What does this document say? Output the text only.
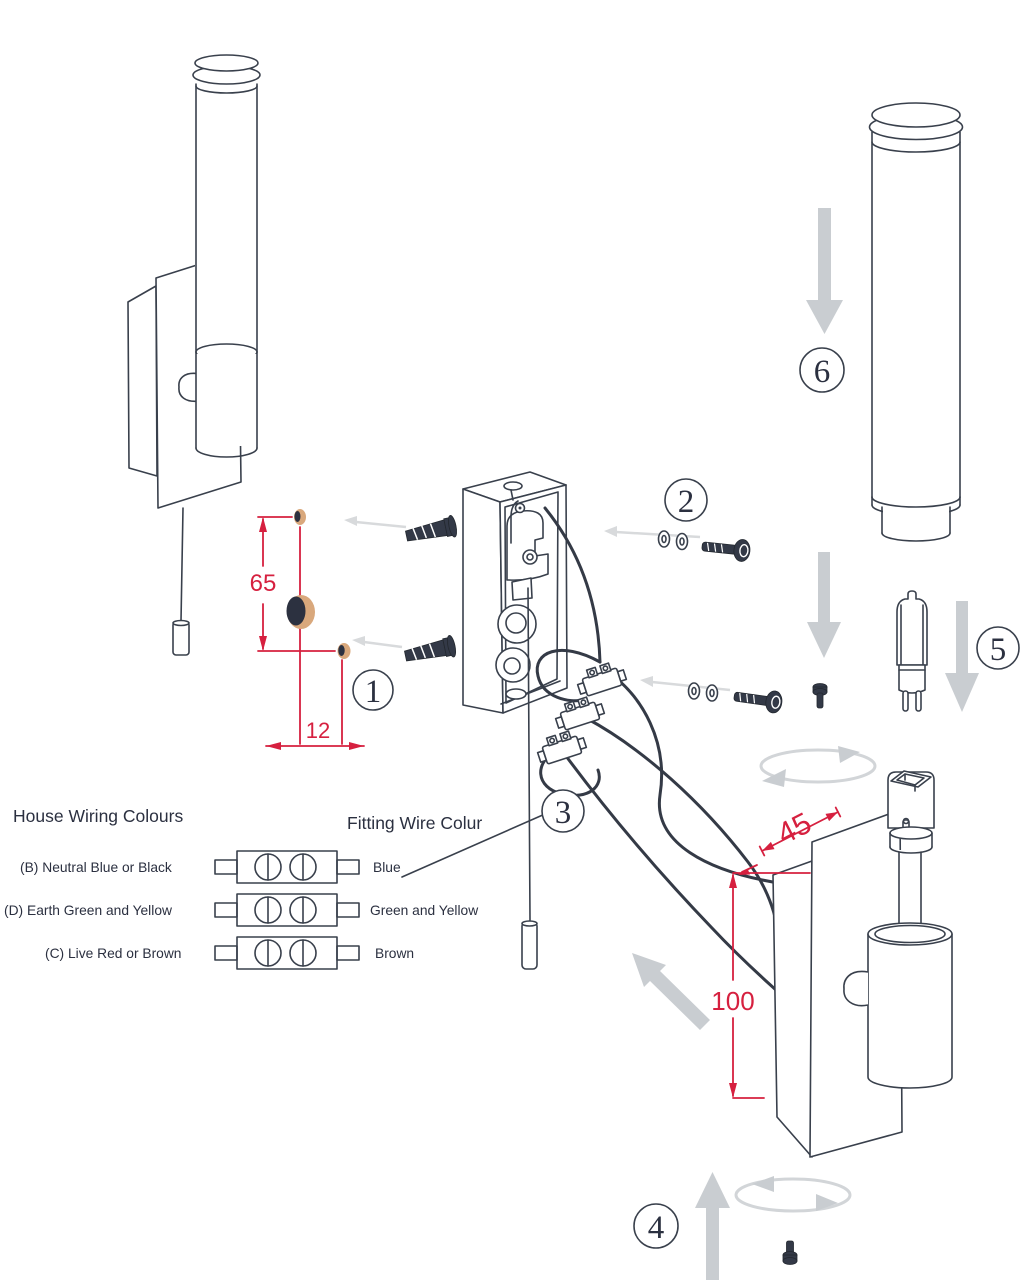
65
12
100
45
1
2
3
4
5
6
House Wiring Colours	Fitting Wire Colur
(B) Neutral Blue or Black	Blue
(D) Earth Green and Yellow	Green and Yellow
(C) Live Red or Brown	Brown
